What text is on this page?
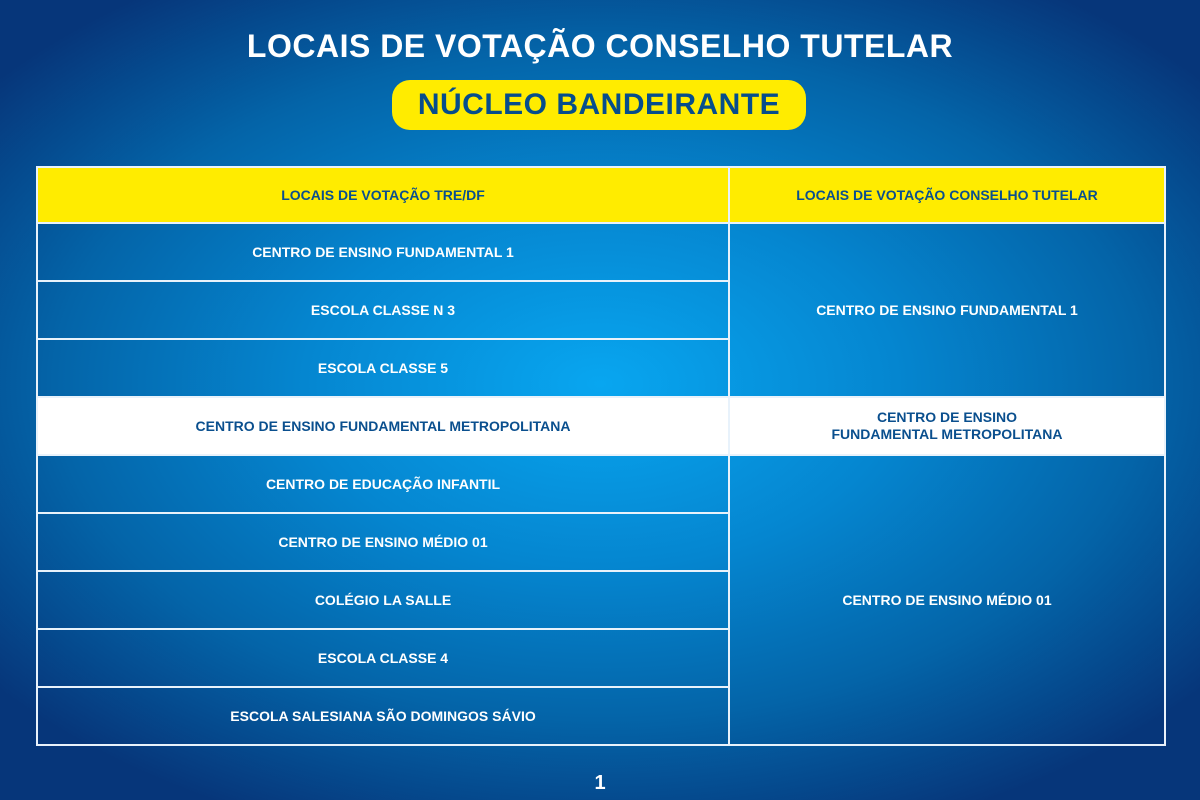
LOCAIS DE VOTAÇÃO CONSELHO TUTELAR
NÚCLEO BANDEIRANTE
LOCAIS DE VOTAÇÃO TRE/DF	LOCAIS DE VOTAÇÃO CONSELHO TUTELAR
CENTRO DE ENSINO FUNDAMENTAL 1	CENTRO DE ENSINO FUNDAMENTAL 1
ESCOLA CLASSE N 3	
ESCOLA CLASSE 5	
CENTRO DE ENSINO FUNDAMENTAL METROPOLITANA	CENTRO DE ENSINO
FUNDAMENTAL METROPOLITANA

CENTRO DE EDUCAÇÃO INFANTIL	CENTRO DE ENSINO MÉDIO 01
CENTRO DE ENSINO MÉDIO 01	
COLÉGIO LA SALLE	
ESCOLA CLASSE 4	
ESCOLA SALESIANA SÃO DOMINGOS SÁVIO	
1
